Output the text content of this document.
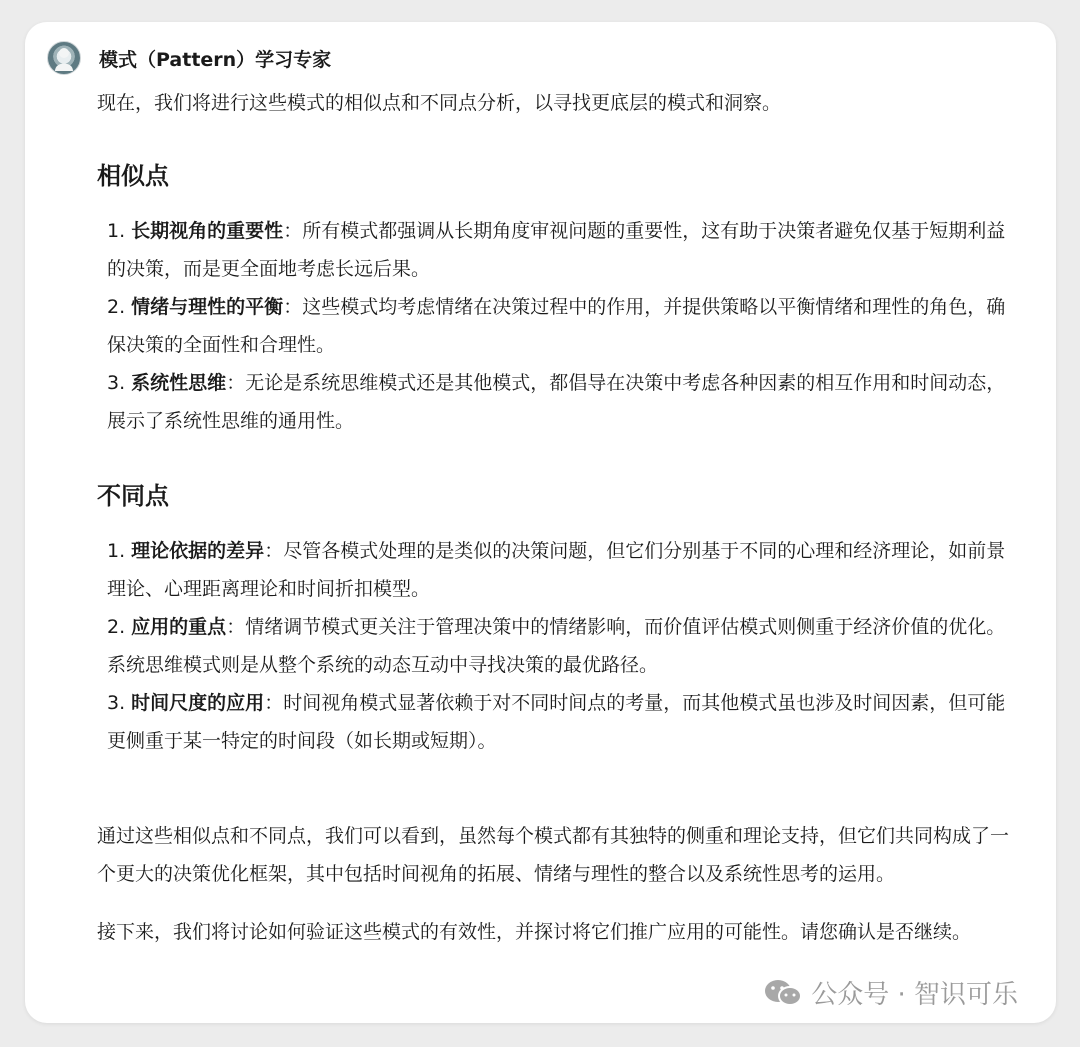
模式（Pattern）学习专家

现在，我们将进行这些模式的相似点和不同点分析，以寻找更底层的模式和洞察。

相似点
1. 长期视角的重要性：所有模式都强调从长期角度审视问题的重要性，这有助于决策者避免仅基于短期利益的决策，而是更全面地考虑长远后果。
2. 情绪与理性的平衡：这些模式均考虑情绪在决策过程中的作用，并提供策略以平衡情绪和理性的角色，确保决策的全面性和合理性。
3. 系统性思维：无论是系统思维模式还是其他模式，都倡导在决策中考虑各种因素的相互作用和时间动态，展示了系统性思维的通用性。
不同点
1. 理论依据的差异：尽管各模式处理的是类似的决策问题，但它们分别基于不同的心理和经济理论，如前景理论、心理距离理论和时间折扣模型。
2. 应用的重点：情绪调节模式更关注于管理决策中的情绪影响，而价值评估模式则侧重于经济价值的优化。系统思维模式则是从整个系统的动态互动中寻找决策的最优路径。
3. 时间尺度的应用：时间视角模式显著依赖于对不同时间点的考量，而其他模式虽也涉及时间因素，但可能更侧重于某一特定的时间段（如长期或短期）。

通过这些相似点和不同点，我们可以看到，虽然每个模式都有其独特的侧重和理论支持，但它们共同构成了一个更大的决策优化框架，其中包括时间视角的拓展、情绪与理性的整合以及系统性思考的运用。

接下来，我们将讨论如何验证这些模式的有效性，并探讨将它们推广应用的可能性。请您确认是否继续。

公众号 · 智识可乐
